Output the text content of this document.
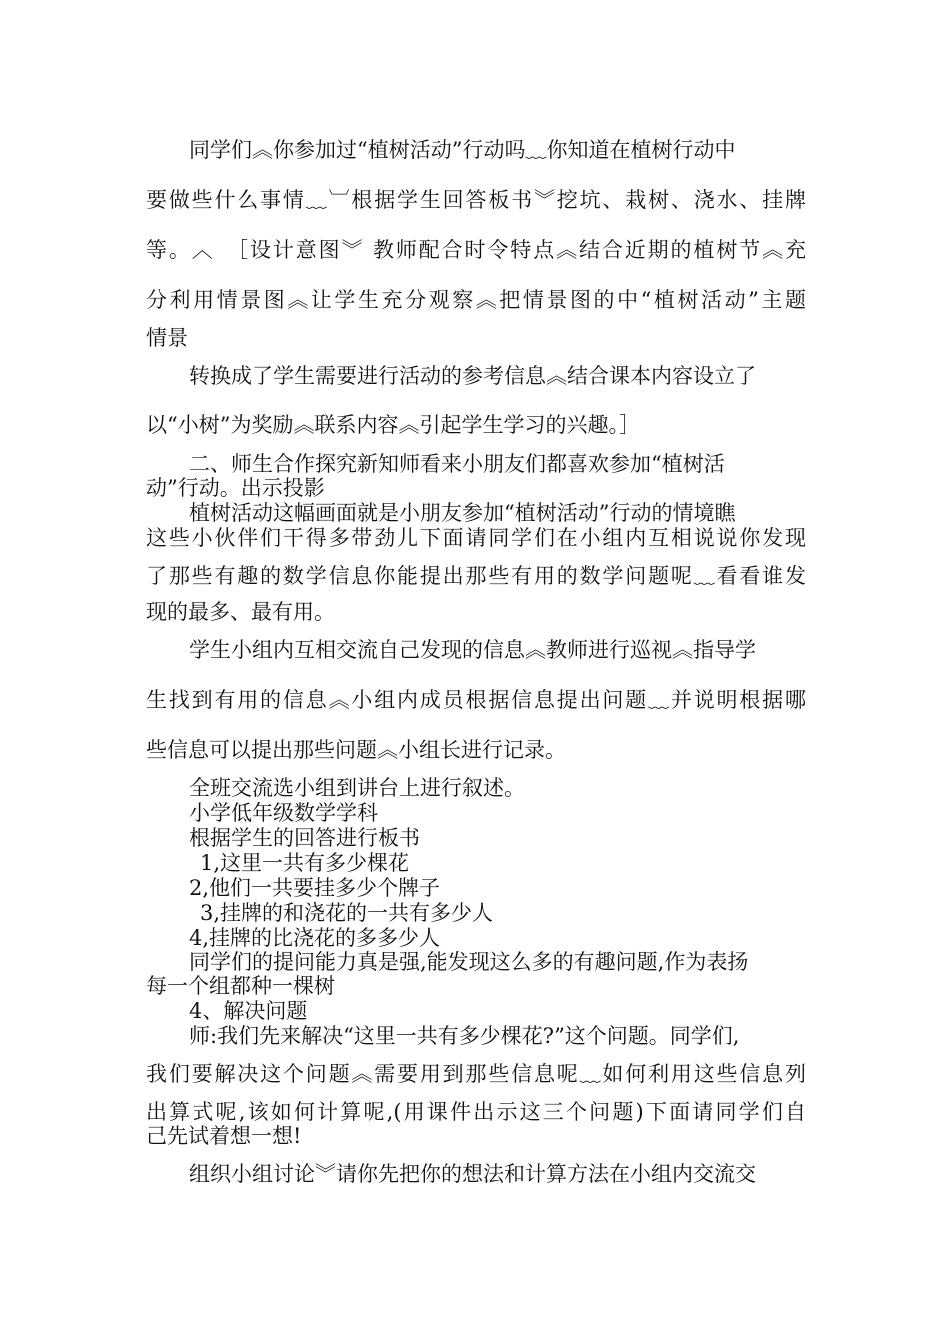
同学们︽你参加过“植树活动”行动吗﹏你知道在植树行动中
要做些什么事情﹏︺根据学生回答板书︾挖坑、栽树、浇水、挂牌
等。︿　［设计意图︾ 教师配合时令特点︽结合近期的植树节︽充
分利用情景图︽让学生充分观察︽把情景图的中“植树活动”主题
情景
转换成了学生需要进行活动的参考信息︽结合课本内容设立了
以“小树”为奖励︽联系内容︽引起学生学习的兴趣。］
二、师生合作探究新知师看来小朋友们都喜欢参加“植树活
动”行动。出示投影
植树活动这幅画面就是小朋友参加“植树活动”行动的情境瞧
这些小伙伴们干得多带劲儿下面请同学们在小组内互相说说你发现
了那些有趣的数学信息你能提出那些有用的数学问题呢﹏看看谁发
现的最多、最有用。
学生小组内互相交流自己发现的信息︽教师进行巡视︽指导学
生找到有用的信息︽小组内成员根据信息提出问题﹏并说明根据哪
些信息可以提出那些问题︽小组长进行记录。
全班交流选小组到讲台上进行叙述。
小学低年级数学学科
根据学生的回答进行板书
1,这里一共有多少棵花
2,他们一共要挂多少个牌子
3,挂牌的和浇花的一共有多少人
4,挂牌的比浇花的多多少人
同学们的提问能力真是强,能发现这么多的有趣问题,作为表扬
每一个组都种一棵树
4、解决问题
师:我们先来解决“这里一共有多少棵花?”这个问题。同学们,
我们要解决这个问题︽需要用到那些信息呢﹏如何利用这些信息列
出算式呢,该如何计算呢,(用课件出示这三个问题)下面请同学们自
己先试着想一想!
组织小组讨论︾请你先把你的想法和计算方法在小组内交流交
